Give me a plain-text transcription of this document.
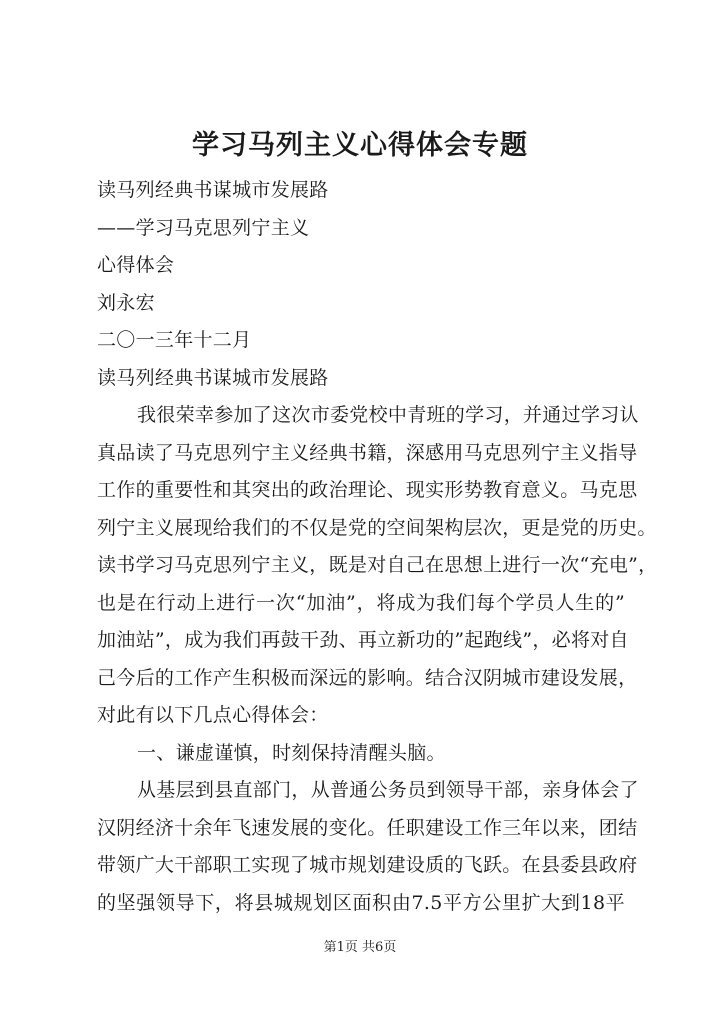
学习马列主义心得体会专题
读马列经典书谋城市发展路
——学习马克思列宁主义
心得体会
刘永宏
二〇一三年十二月
读马列经典书谋城市发展路
我很荣幸参加了这次市委党校中青班的学习，并通过学习认
真品读了马克思列宁主义经典书籍，深感用马克思列宁主义指导
工作的重要性和其突出的政治理论、现实形势教育意义。马克思
列宁主义展现给我们的不仅是党的空间架构层次，更是党的历史。
读书学习马克思列宁主义，既是对自己在思想上进行一次“充电”，
也是在行动上进行一次“加油”，将成为我们每个学员人生的”
加油站”，成为我们再鼓干劲、再立新功的”起跑线”，必将对自
己今后的工作产生积极而深远的影响。结合汉阴城市建设发展，
对此有以下几点心得体会：
一、谦虚谨慎，时刻保持清醒头脑。
从基层到县直部门，从普通公务员到领导干部，亲身体会了
汉阴经济十余年飞速发展的变化。任职建设工作三年以来，团结
带领广大干部职工实现了城市规划建设质的飞跃。在县委县政府
的坚强领导下，将县城规划区面积由7.5平方公里扩大到18平
第1页 共6页
